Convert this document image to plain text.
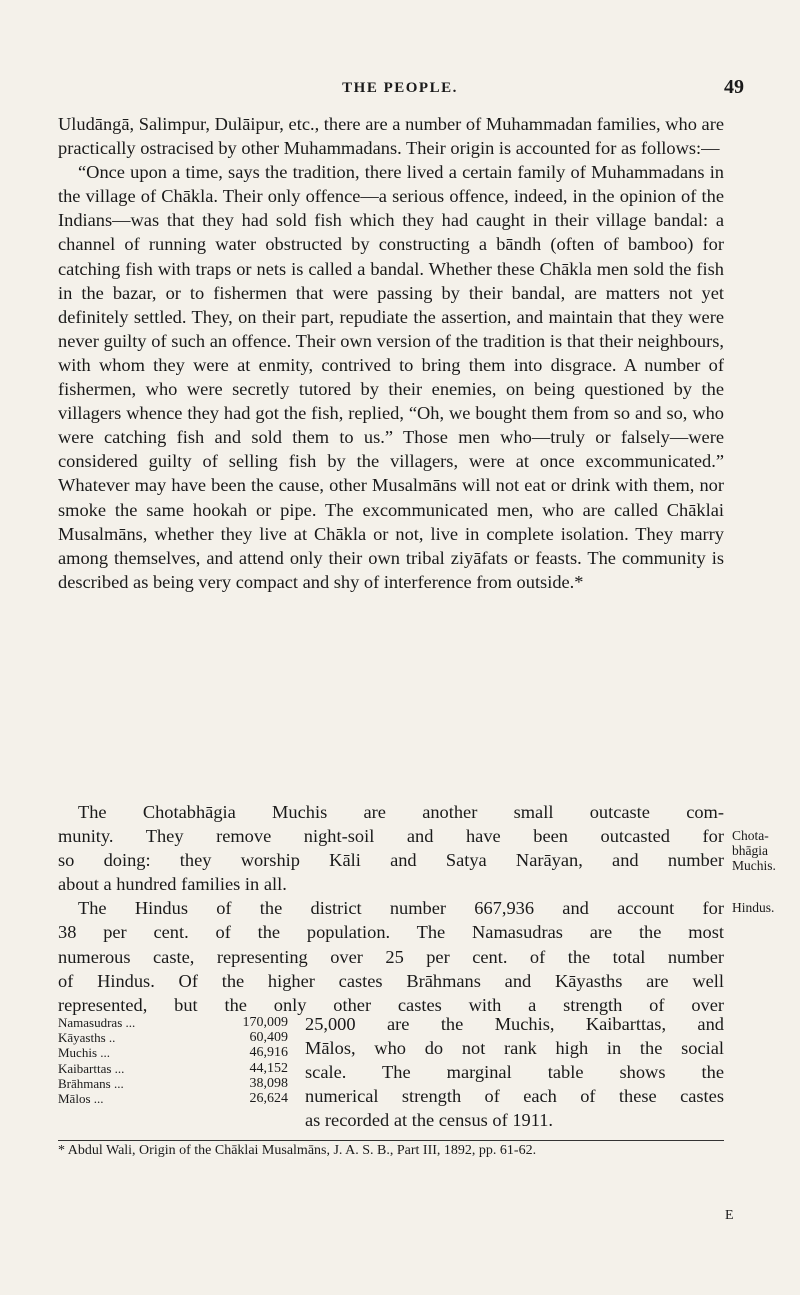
THE PEOPLE.	49

Uludāngā, Salimpur, Dulāipur, etc., there are a number of Muhammadan families, who are practically ostracised by other Muhammadans. Their origin is accounted for as follows:—

“Once upon a time, says the tradition, there lived a certain family of Muhammadans in the village of Chākla. Their only offence—a serious offence, indeed, in the opinion of the Indians—was that they had sold fish which they had caught in their village bandal: a channel of running water obstructed by constructing a bāndh (often of bamboo) for catching fish with traps or nets is called a bandal. Whether these Chākla men sold the fish in the bazar, or to fishermen that were passing by their bandal, are matters not yet definitely settled. They, on their part, repudiate the assertion, and maintain that they were never guilty of such an offence. Their own version of the tradition is that their neighbours, with whom they were at enmity, contrived to bring them into disgrace. A number of fishermen, who were secretly tutored by their enemies, on being questioned by the villagers whence they had got the fish, replied, “Oh, we bought them from so and so, who were catching fish and sold them to us.” Those men who—truly or falsely—were considered guilty of selling fish by the villagers, were at once excommunicated.” Whatever may have been the cause, other Musalmāns will not eat or drink with them, nor smoke the same hookah or pipe. The excommunicated men, who are called Chāklai Musalmāns, whether they live at Chākla or not, live in complete isolation. They marry among themselves, and attend only their own tribal ziyāfats or feasts. The community is described as being very compact and shy of interference from outside.*

The Chotabhāgia Muchis are another small outcaste com-
munity. They remove night-soil and have been outcasted for
so doing: they worship Kāli and Satya Narāyan, and number
about a hundred families in all.
The Hindus of the district number 667,936 and account for
38 per cent. of the population. The Namasudras are the most
numerous caste, representing over 25 per cent. of the total number
of Hindus. Of the higher castes Brāhmans and Kāyasths are well
represented, but the only other castes with a strength of over
Chota-bhāgia Muchis.
Hindus.
Namasudras ...	170,009
Kāyasths ..	60,409
Muchis ...	46,916
Kaibarttas ...	44,152
Brāhmans ...	38,098
Mālos ...	26,624
25,000 are the Muchis, Kaibarttas, and
Mālos, who do not rank high in the social
scale. The marginal table shows the
numerical strength of each of these castes
as recorded at the census of 1911.
* Abdul Wali, Origin of the Chāklai Musalmāns, J. A. S. B., Part III, 1892, pp. 61-62.
E
